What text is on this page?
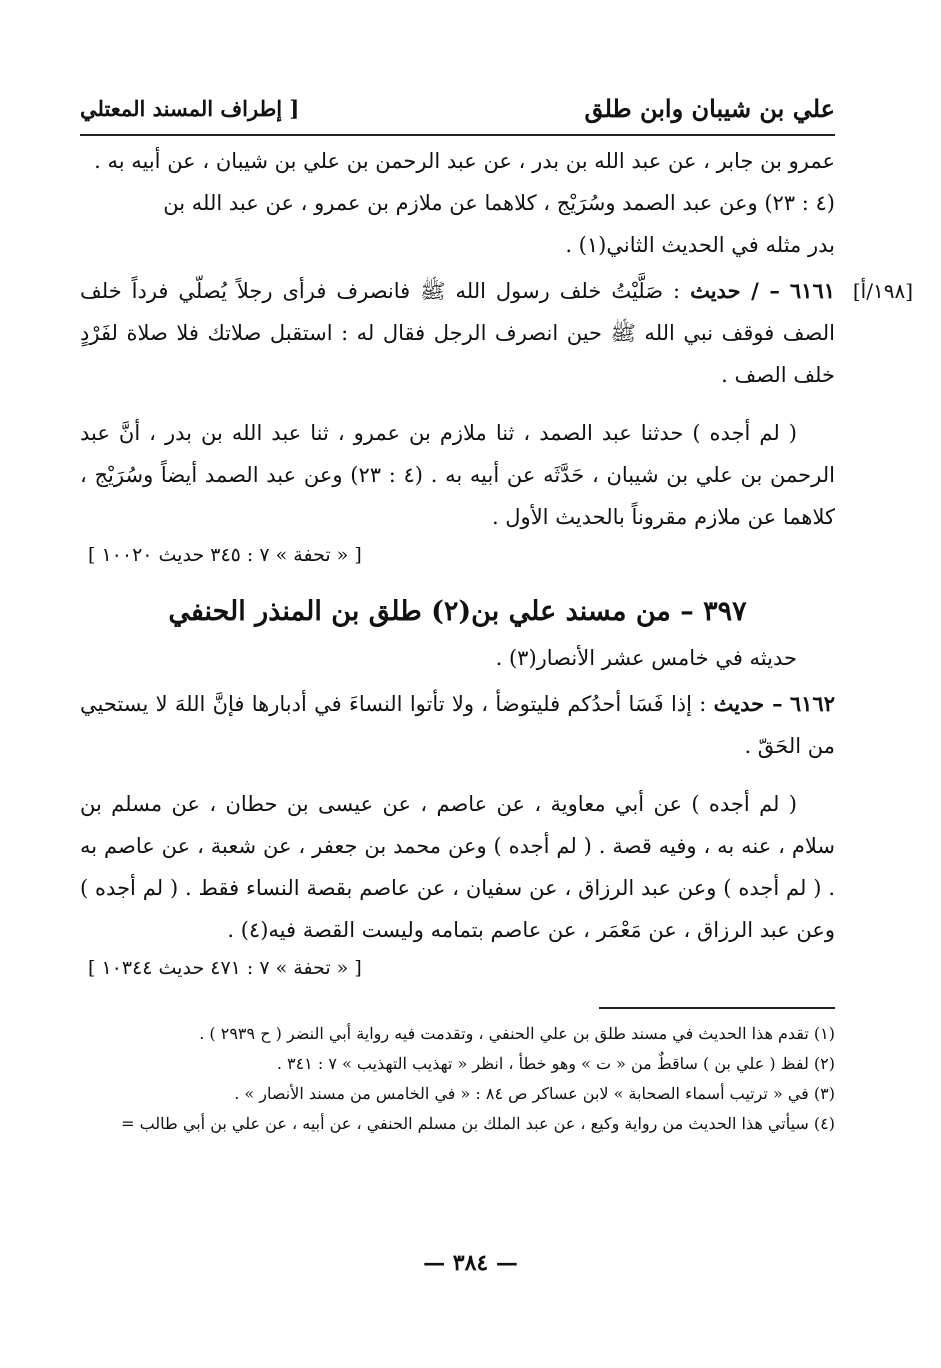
علي بن شيبان وابن طلق
[ إطراف المسند المعتلي
عمرو بن جابر ، عن عبد الله بن بدر ، عن عبد الرحمن بن علي بن شيبان ، عن أبيه به .
(٤ : ٢٣) وعن عبد الصمد وسُرَيْج ، كلاهما عن ملازم بن عمرو ، عن عبد الله بن
بدر مثله في الحديث الثاني(١) .
[١٩٨/أ]
٦١٦١ – / حديث : صَلَّيْتُ خلف رسول الله ﷺ فانصرف فرأى رجلاً يُصلّي فرداً خلف الصف فوقف نبي الله ﷺ حين انصرف الرجل فقال له : استقبل صلاتك فلا صلاة لفَرْدٍ خلف الصف .
( لم أجده ) حدثنا عبد الصمد ، ثنا ملازم بن عمرو ، ثنا عبد الله بن بدر ، أنَّ عبد الرحمن بن علي بن شيبان ، حَدَّثَه عن أبيه به . (٤ : ٢٣) وعن عبد الصمد أيضاً وسُرَيْج ، كلاهما عن ملازم مقروناً بالحديث الأول .
[ « تحفة » ٧ : ٣٤٥ حديث ١٠٠٢٠ ]
٣٩٧ – من مسند علي بن(٢) طلق بن المنذر الحنفي
حديثه في خامس عشر الأنصار(٣) .
٦١٦٢ – حديث : إذا فَسَا أحدُكم فليتوضأ ، ولا تأتوا النساءَ في أدبارها فإنَّ اللهَ لا يستحيي من الحَقّ .
( لم أجده ) عن أبي معاوية ، عن عاصم ، عن عيسى بن حطان ، عن مسلم بن سلام ، عنه به ، وفيه قصة . ( لم أجده ) وعن محمد بن جعفر ، عن شعبة ، عن عاصم به . ( لم أجده ) وعن عبد الرزاق ، عن سفيان ، عن عاصم بقصة النساء فقط . ( لم أجده ) وعن عبد الرزاق ، عن مَعْمَر ، عن عاصم بتمامه وليست القصة فيه(٤) .
[ « تحفة » ٧ : ٤٧١ حديث ١٠٣٤٤ ]
(١) تقدم هذا الحديث في مسند طلق بن علي الحنفي ، وتقدمت فيه رواية أبي النضر ( ح ٢٩٣٩ ) .
(٢) لفظ ( علي بن ) ساقطٌ من « ت » وهو خطأ ، انظر « تهذيب التهذيب » ٧ : ٣٤١ .
(٣) في « ترتيب أسماء الصحابة » لابن عساكر ص ٨٤ : « في الخامس من مسند الأنصار » .
(٤) سيأتي هذا الحديث من رواية وكيع ، عن عبد الملك بن مسلم الحنفي ، عن أبيه ، عن علي بن أبي طالب =
— ٣٨٤ —
